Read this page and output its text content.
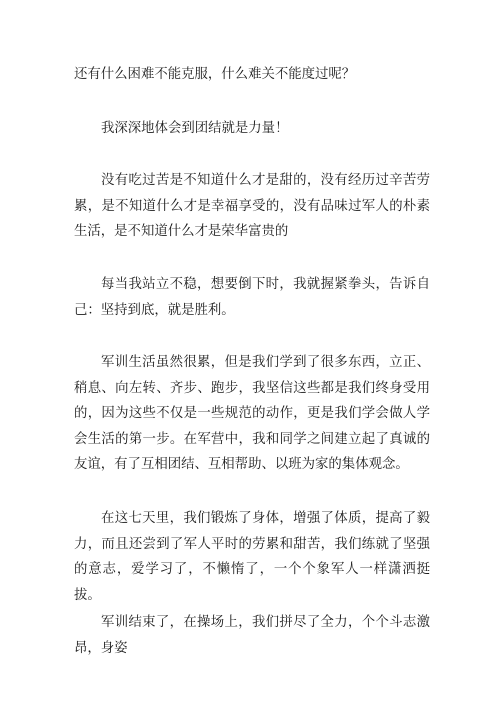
还有什么困难不能克服，什么难关不能度过呢？

我深深地体会到团结就是力量！

没有吃过苦是不知道什么才是甜的，没有经历过辛苦劳累，是不知道什么才是幸福享受的，没有品味过军人的朴素生活，是不知道什么才是荣华富贵的

每当我站立不稳，想要倒下时，我就握紧拳头，告诉自己：坚持到底，就是胜利。

军训生活虽然很累，但是我们学到了很多东西，立正、稍息、向左转、齐步、跑步，我坚信这些都是我们终身受用的，因为这些不仅是一些规范的动作，更是我们学会做人学会生活的第一步。在军营中，我和同学之间建立起了真诚的友谊，有了互相团结、互相帮助、以班为家的集体观念。

在这七天里，我们锻炼了身体，增强了体质，提高了毅力，而且还尝到了军人平时的劳累和甜苦，我们练就了坚强的意志，爱学习了，不懒惰了，一个个象军人一样潇洒挺拔。

军训结束了，在操场上，我们拼尽了全力，个个斗志激昂，身姿
